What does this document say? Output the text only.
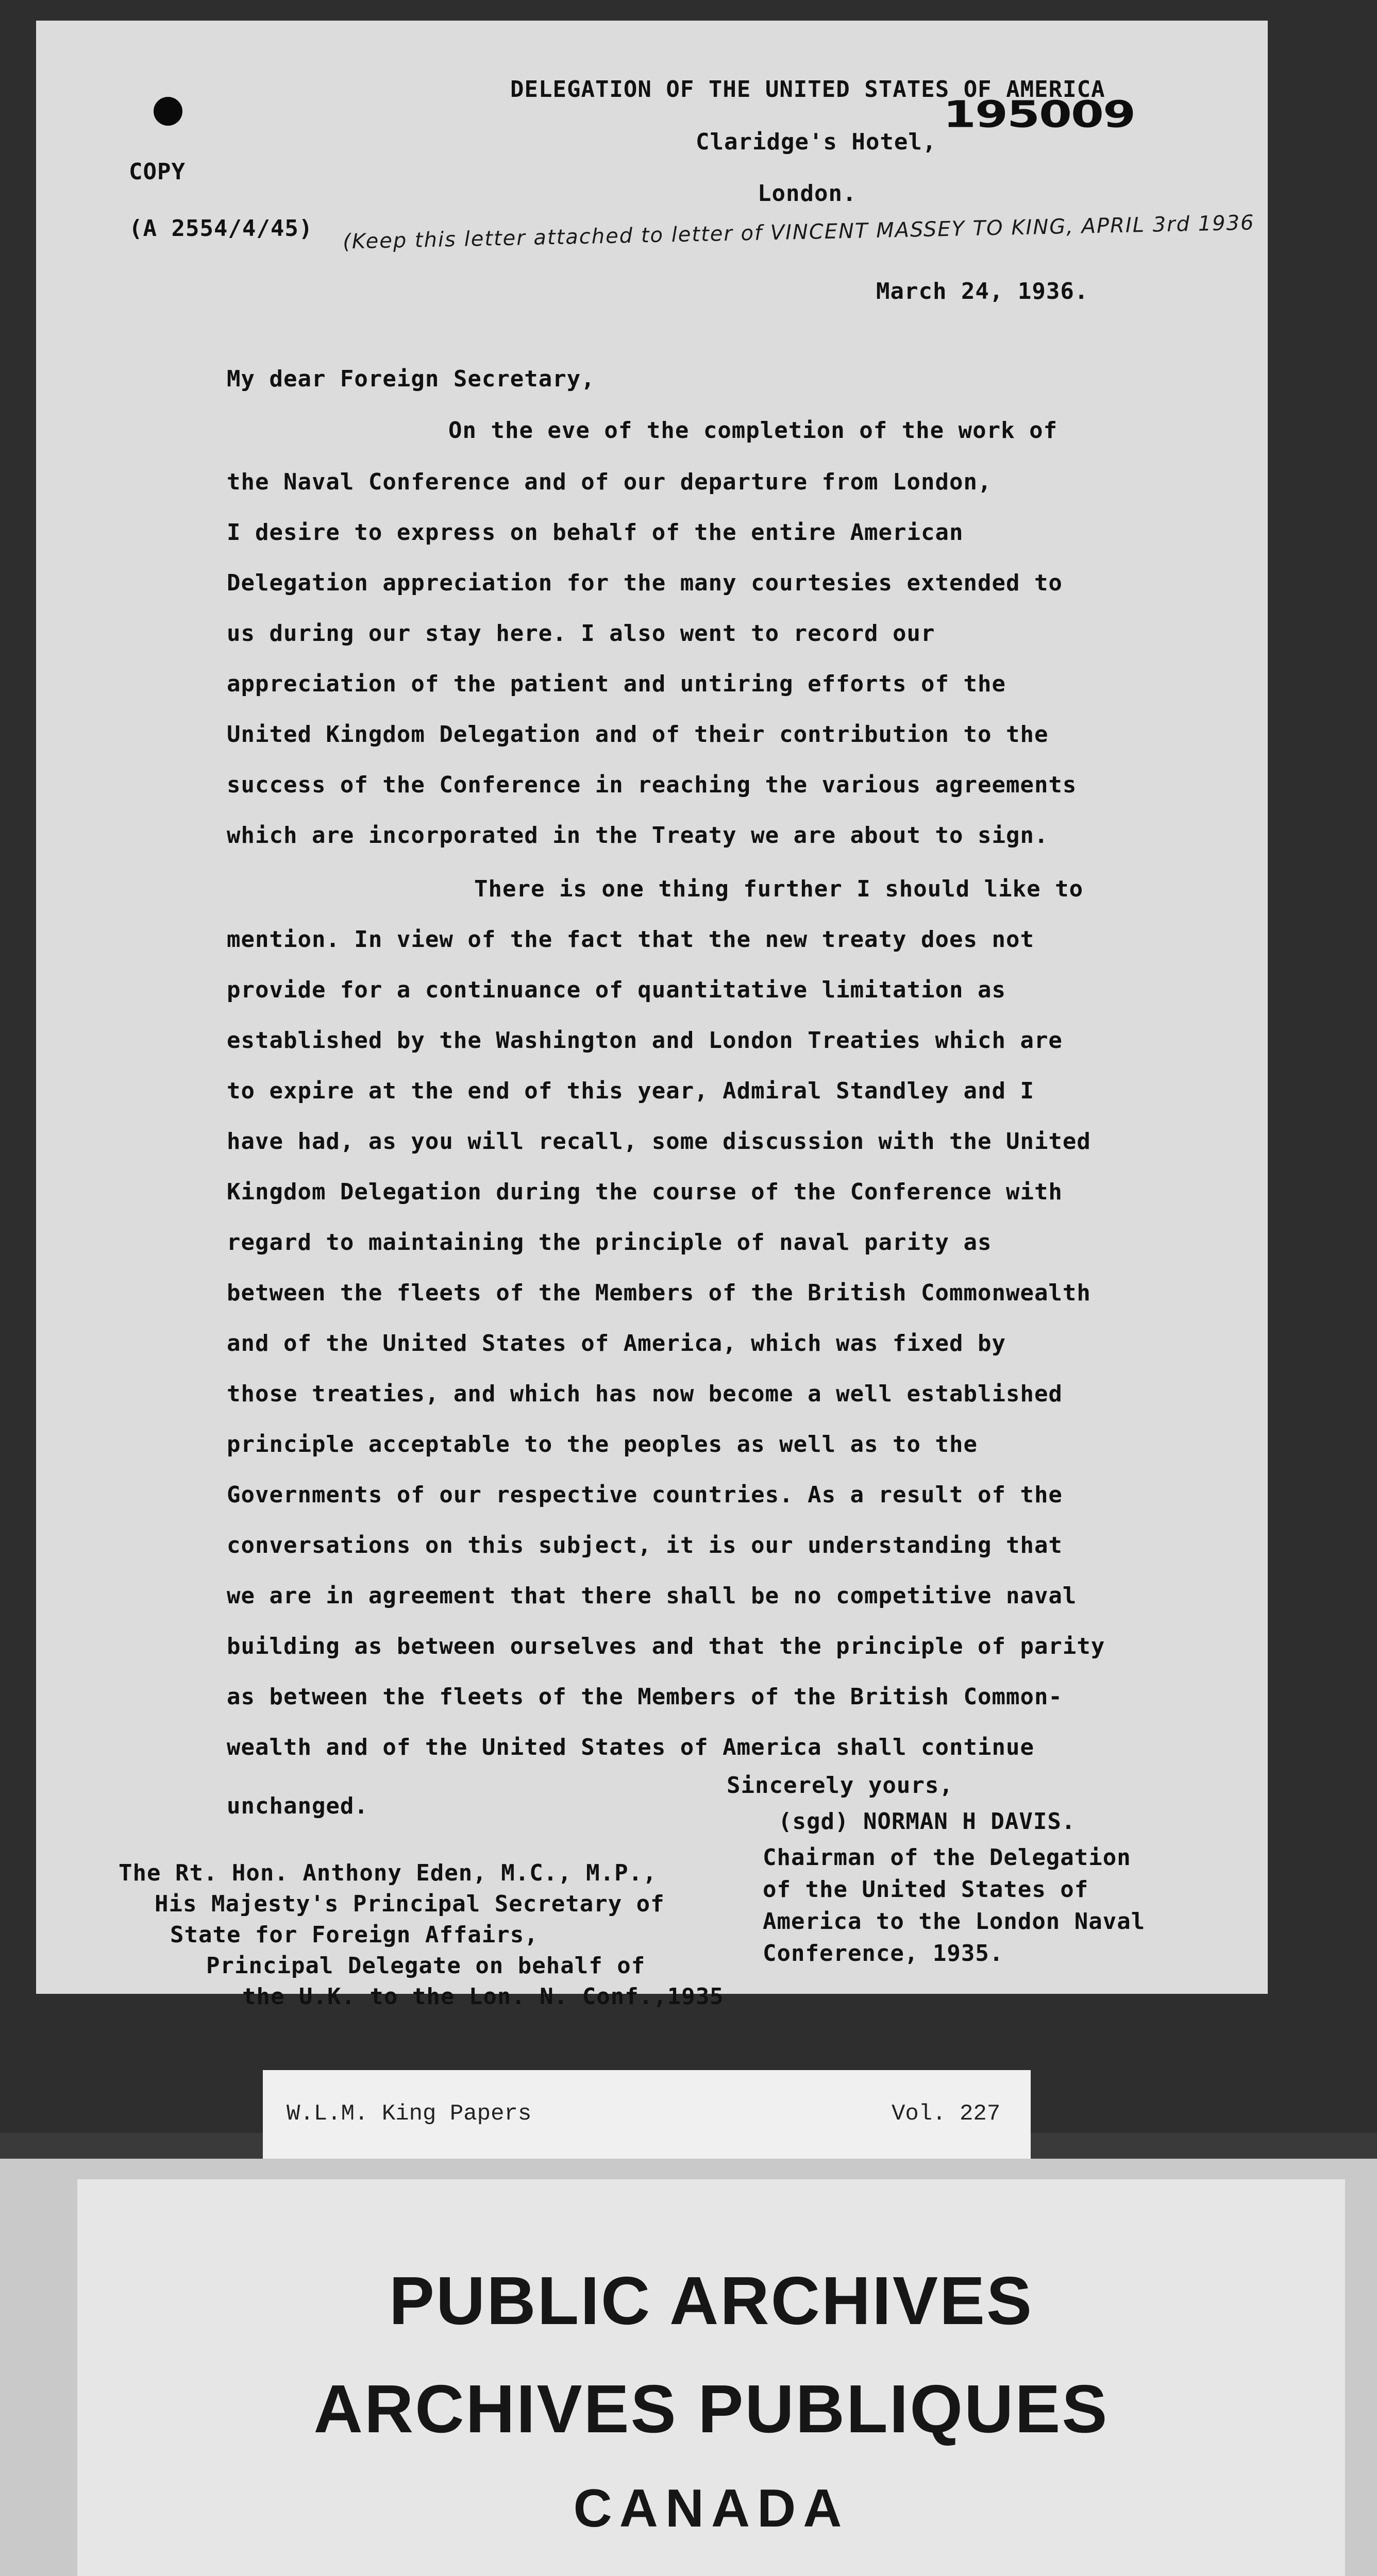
DELEGATION OF THE UNITED STATES OF AMERICA
195009
Claridge's Hotel,
London.
COPY
(A 2554/4/45) (Keep this letter attached to letter of VINCENT MASSEY TO KING, APRIL 3rd 1936
March 24, 1936.
My dear Foreign Secretary,
On the eve of the completion of the work of
the Naval Conference and of our departure from London,
I desire to express on behalf of the entire American
Delegation appreciation for the many courtesies extended to
us during our stay here. I also went to record our
appreciation of the patient and untiring efforts of the
United Kingdom Delegation and of their contribution to the
success of the Conference in reaching the various agreements
which are incorporated in the Treaty we are about to sign.
There is one thing further I should like to
mention. In view of the fact that the new treaty does not
provide for a continuance of quantitative limitation as
established by the Washington and London Treaties which are
to expire at the end of this year, Admiral Standley and I
have had, as you will recall, some discussion with the United
Kingdom Delegation during the course of the Conference with
regard to maintaining the principle of naval parity as
between the fleets of the Members of the British Commonwealth
and of the United States of America, which was fixed by
those treaties, and which has now become a well established
principle acceptable to the peoples as well as to the
Governments of our respective countries. As a result of the
conversations on this subject, it is our understanding that
we are in agreement that there shall be no competitive naval
building as between ourselves and that the principle of parity
as between the fleets of the Members of the British Common-
wealth and of the United States of America shall continue
unchanged.
Sincerely yours,
(sgd) NORMAN H DAVIS.
Chairman of the Delegation
of the United States of
America to the London Naval
Conference, 1935.
The Rt. Hon. Anthony Eden, M.C., M.P.,
His Majesty's Principal Secretary of
State for Foreign Affairs,
Principal Delegate on behalf of
the U.K. to the Lon. N. Conf.,1935
W.L.M. King Papers	Vol. 227
PUBLIC ARCHIVES
ARCHIVES PUBLIQUES
CANADA
